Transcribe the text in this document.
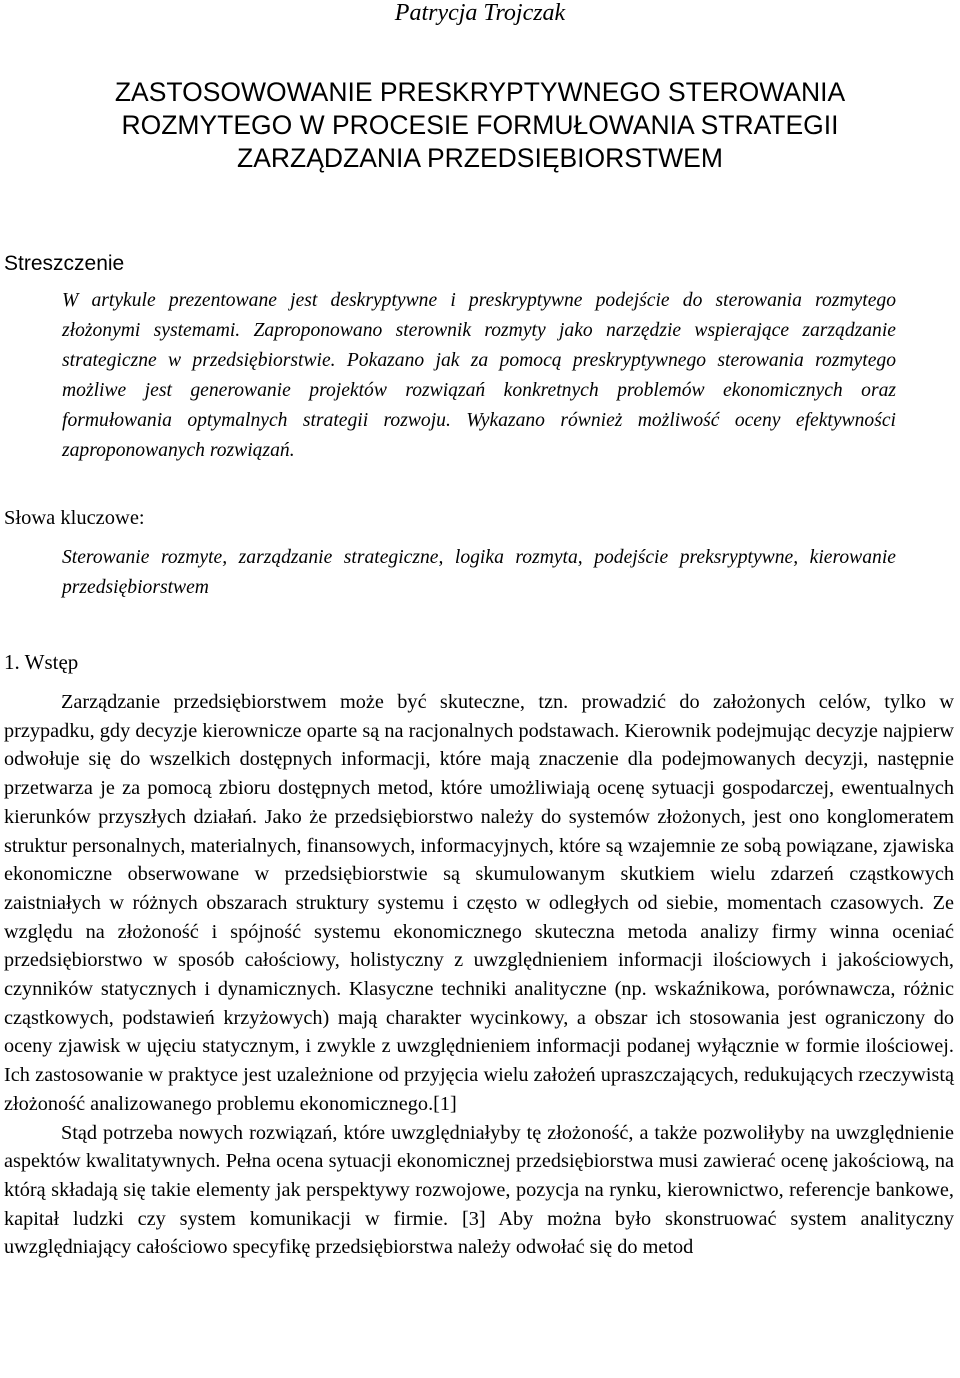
Patrycja Trojczak
ZASTOSOWOWANIE PRESKRYPTYWNEGO STEROWANIA
ROZMYTEGO W PROCESIE FORMUŁOWANIA STRATEGII
ZARZĄDZANIA PRZEDSIĘBIORSTWEM
Streszczenie
W artykule prezentowane jest deskryptywne i preskryptywne podejście do sterowania rozmytego złożonymi systemami. Zaproponowano sterownik rozmyty jako narzędzie wspierające zarządzanie strategiczne w przedsiębiorstwie. Pokazano jak za pomocą preskryptywnego sterowania rozmytego możliwe jest generowanie projektów rozwiązań konkretnych problemów ekonomicznych oraz formułowania optymalnych strategii rozwoju. Wykazano również możliwość oceny efektywności zaproponowanych rozwiązań.
Słowa kluczowe:
Sterowanie rozmyte, zarządzanie strategiczne, logika rozmyta, podejście preksryptywne, kierowanie przedsiębiorstwem
1. Wstęp

Zarządzanie przedsiębiorstwem może być skuteczne, tzn. prowadzić do założonych celów, tylko w przypadku, gdy decyzje kierownicze oparte są na racjonalnych podstawach. Kierownik podejmując decyzje najpierw odwołuje się do wszelkich dostępnych informacji, które mają znaczenie dla podejmowanych decyzji, następnie przetwarza je za pomocą zbioru dostępnych metod, które umożliwiają ocenę sytuacji gospodarczej, ewentualnych kierunków przyszłych działań. Jako że przedsiębiorstwo należy do systemów złożonych, jest ono konglomeratem struktur personalnych, materialnych, finansowych, informacyjnych, które są wzajemnie ze sobą powiązane, zjawiska ekonomiczne obserwowane w przedsiębiorstwie są skumulowanym skutkiem wielu zdarzeń cząstkowych zaistniałych w różnych obszarach struktury systemu i często w odległych od siebie, momentach czasowych. Ze względu na złożoność i spójność systemu ekonomicznego skuteczna metoda analizy firmy winna oceniać przedsiębiorstwo w sposób całościowy, holistyczny z uwzględnieniem informacji ilościowych i jakościowych, czynników statycznych i dynamicznych. Klasyczne techniki analityczne (np. wskaźnikowa, porównawcza, różnic cząstkowych, podstawień krzyżowych) mają charakter wycinkowy, a obszar ich stosowania jest ograniczony do oceny zjawisk w ujęciu statycznym, i zwykle z uwzględnieniem informacji podanej wyłącznie w formie ilościowej. Ich zastosowanie w praktyce jest uzależnione od przyjęcia wielu założeń upraszczających, redukujących rzeczywistą złożoność analizowanego problemu ekonomicznego.[1]

Stąd potrzeba nowych rozwiązań, które uwzględniałyby tę złożoność, a także pozwoliłyby na uwzględnienie aspektów kwalitatywnych. Pełna ocena sytuacji ekonomicznej przedsiębiorstwa musi zawierać ocenę jakościową, na którą składają się takie elementy jak perspektywy rozwojowe, pozycja na rynku, kierownictwo, referencje bankowe, kapitał ludzki czy system komunikacji w firmie. [3] Aby można było skonstruować system analityczny uwzględniający całościowo specyfikę przedsiębiorstwa należy odwołać się do metod
